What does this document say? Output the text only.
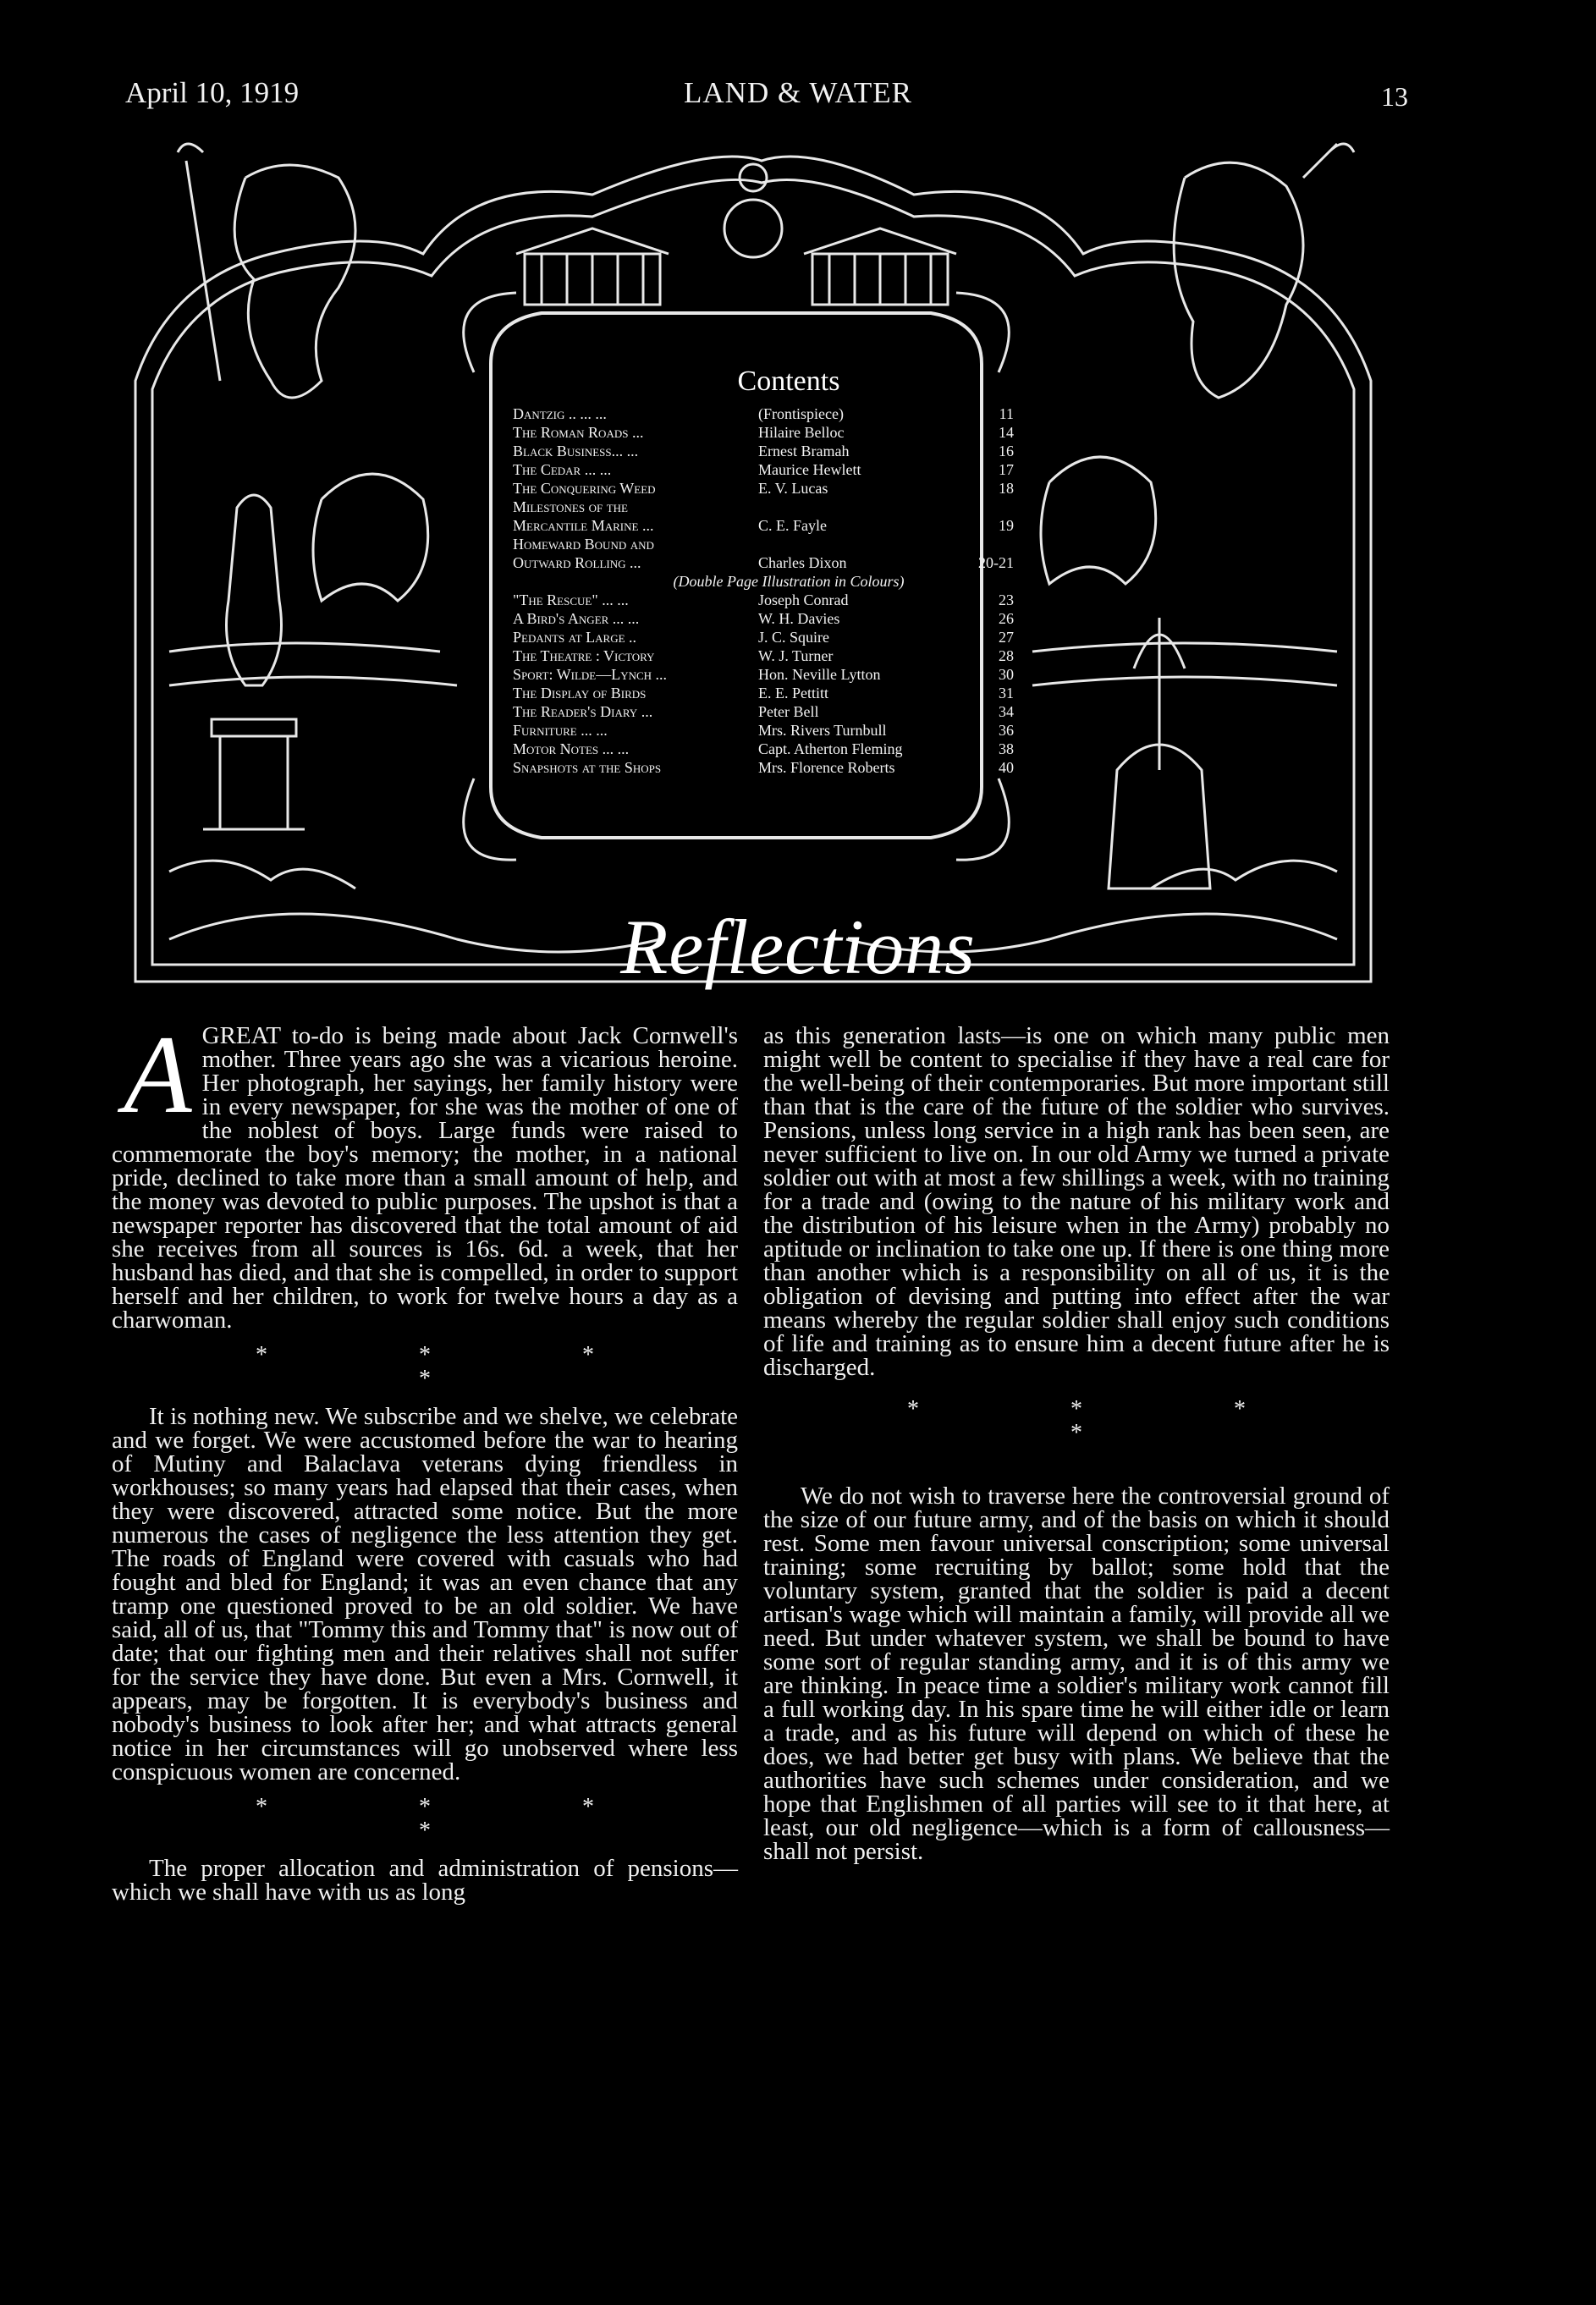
April 10, 1919	LAND & WATER	13
Contents
Dantzig .. ... ...	(Frontispiece)	11
The Roman Roads ...	Hilaire Belloc	14
Black Business... ...	Ernest Bramah	16
The Cedar ... ...	Maurice Hewlett	17
The Conquering Weed	E. V. Lucas	18
Milestones of the
Mercantile Marine ...	C. E. Fayle	19
Homeward Bound and
Outward Rolling ...	Charles Dixon	20-21
(Double Page Illustration in Colours)
"The Rescue" ... ...	Joseph Conrad	23
A Bird's Anger ... ...	W. H. Davies	26
Pedants at Large ..	J. C. Squire	27
The Theatre : Victory	W. J. Turner	28
Sport: Wilde—Lynch ...	Hon. Neville Lytton	30
The Display of Birds	E. E. Pettitt	31
The Reader's Diary ...	Peter Bell	34
Furniture ... ...	Mrs. Rivers Turnbull	36
Motor Notes ... ...	Capt. Atherton Fleming	38
Snapshots at the Shops	Mrs. Florence Roberts	40
Reflections

AGREAT to-do is being made about Jack Cornwell's mother. Three years ago she was a vicarious heroine. Her photograph, her sayings, her family history were in every newspaper, for she was the mother of one of the noblest of boys. Large funds were raised to commemorate the boy's memory; the mother, in a national pride, declined to take more than a small amount of help, and the money was devoted to public purposes. The upshot is that a newspaper reporter has discovered that the total amount of aid she receives from all sources is 16s. 6d. a week, that her husband has died, and that she is compelled, in order to support herself and her children, to work for twelve hours a day as a charwoman.

* * * *

It is nothing new. We subscribe and we shelve, we celebrate and we forget. We were accustomed before the war to hearing of Mutiny and Balaclava veterans dying friendless in workhouses; so many years had elapsed that their cases, when they were discovered, attracted some notice. But the more numerous the cases of negligence the less attention they get. The roads of England were covered with casuals who had fought and bled for England; it was an even chance that any tramp one questioned proved to be an old soldier. We have said, all of us, that "Tommy this and Tommy that" is now out of date; that our fighting men and their relatives shall not suffer for the service they have done. But even a Mrs. Cornwell, it appears, may be forgotten. It is everybody's business and nobody's business to look after her; and what attracts general notice in her circumstances will go unobserved where less conspicuous women are concerned.

* * * *

The proper allocation and administration of pensions—which we shall have with us as long

as this generation lasts—is one on which many public men might well be content to specialise if they have a real care for the well-being of their contemporaries. But more important still than that is the care of the future of the soldier who survives. Pensions, unless long service in a high rank has been seen, are never sufficient to live on. In our old Army we turned a private soldier out with at most a few shillings a week, with no training for a trade and (owing to the nature of his military work and the distribution of his leisure when in the Army) probably no aptitude or inclination to take one up. If there is one thing more than another which is a responsibility on all of us, it is the obligation of devising and putting into effect after the war means whereby the regular soldier shall enjoy such conditions of life and training as to ensure him a decent future after he is discharged.

* * * *

We do not wish to traverse here the controversial ground of the size of our future army, and of the basis on which it should rest. Some men favour universal conscription; some universal training; some recruiting by ballot; some hold that the voluntary system, granted that the soldier is paid a decent artisan's wage which will maintain a family, will provide all we need. But under whatever system, we shall be bound to have some sort of regular standing army, and it is of this army we are thinking. In peace time a soldier's military work cannot fill a full working day. In his spare time he will either idle or learn a trade, and as his future will depend on which of these he does, we had better get busy with plans. We believe that the authorities have such schemes under consideration, and we hope that Englishmen of all parties will see to it that here, at least, our old negligence—which is a form of callousness—shall not persist.
